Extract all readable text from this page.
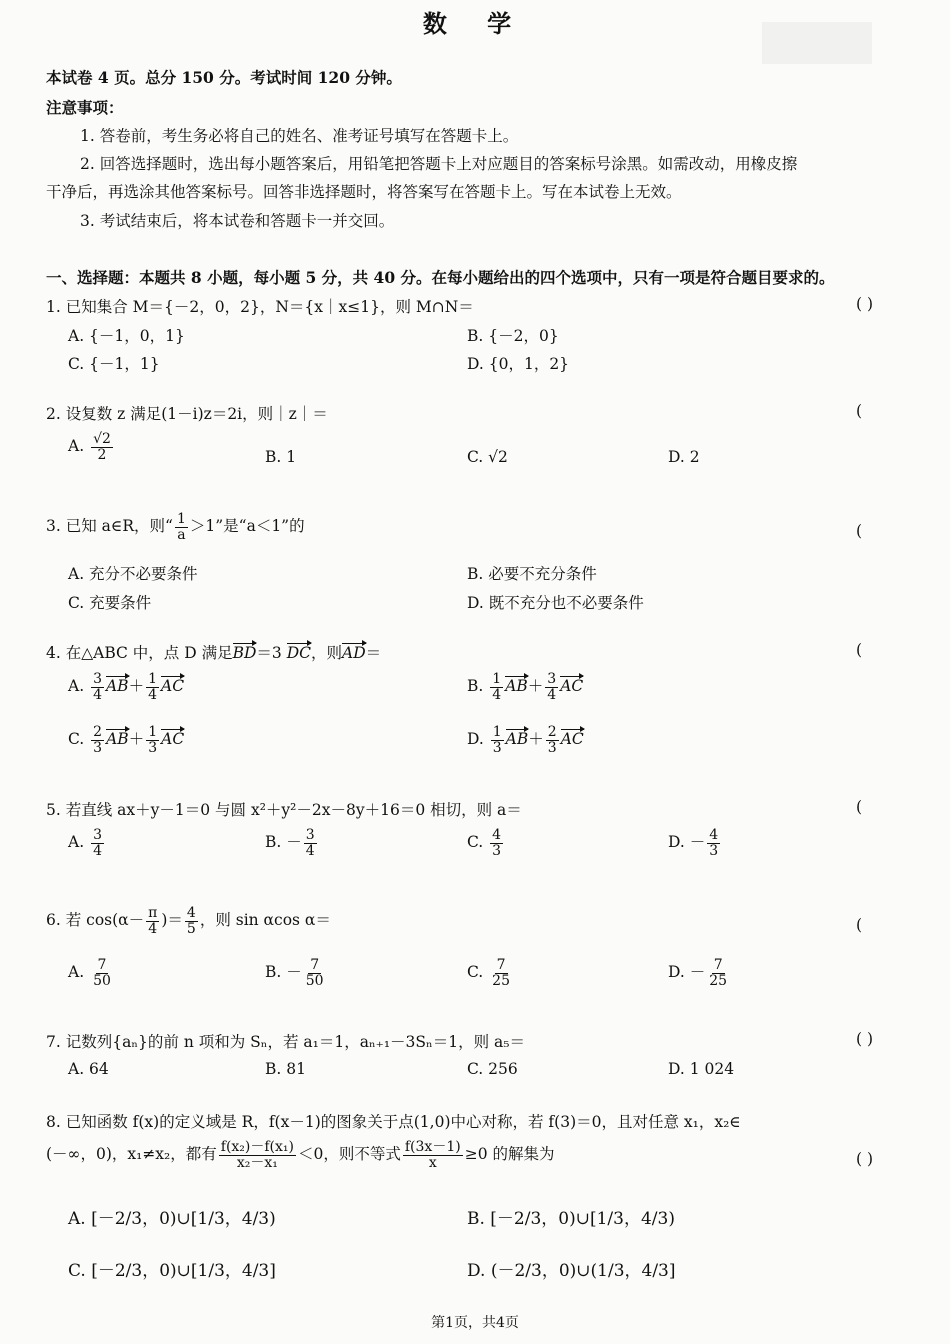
数 学
本试卷 4 页。总分 150 分。考试时间 120 分钟。
注意事项：
1. 答卷前，考生务必将自己的姓名、准考证号填写在答题卡上。
2. 回答选择题时，选出每小题答案后，用铅笔把答题卡上对应题目的答案标号涂黑。如需改动，用橡皮擦
干净后，再选涂其他答案标号。回答非选择题时，将答案写在答题卡上。写在本试卷上无效。
3. 考试结束后，将本试卷和答题卡一并交回。
一、选择题：本题共 8 小题，每小题 5 分，共 40 分。在每小题给出的四个选项中，只有一项是符合题目要求的。
1. 已知集合 M＝{－2，0，2}，N＝{x｜x≤1}，则 M∩N＝	( )
A. {－1，0，1}	B. {－2，0}
C. {－1，1}	D. {0，1，2}
2. 设复数 z 满足(1－i)z＝2i，则｜z｜＝	(
A. $\frac{√2}{2}$	B. 1	C. √2	D. 2
3. 已知 a∈R，则“ $\frac{1}{a} >1$”是“a＜1”的	(
A. 充分不必要条件	B. 必要不充分条件
C. 充要条件	D. 既不充分也不必要条件
4. 在△ABC 中，点 D 满足BD＝3 DC，则AD＝	(
A. $\frac{3}{4} AB+ \frac{1}{4}$ AC	B. $\frac{1}{4} AB+ \frac{3}{4}$ AC
C. $\frac{2}{3} AB+ \frac{1}{3}$ AC	D. $\frac{1}{3} AB+ \frac{2}{3}$ AC
5. 若直线 ax＋y－1＝0 与圆 x²＋y²－2x－8y＋16＝0 相切，则 a＝	(
A. $\frac{3}{4}$	B. － $\frac{3}{4}$	C. $\frac{4}{3}$	D. － $\frac{4}{3}$
6. 若 $\cos(\alpha- \frac{\pi}{4}$ )＝ $\frac{4}{5}$ ，则 sin αcos α＝	(
A. $\frac{7}{50}$	B. － $\frac{7}{50}$	C. $\frac{7}{25}$	D. － $\frac{7}{25}$
7. 记数列{aₙ}的前 n 项和为 Sₙ，若 a₁＝1，aₙ₊₁－3Sₙ＝1，则 a₅＝	( )
A. 64	B. 81	C. 256	D. 1 024
8. 已知函数 f(x)的定义域是 R，f(x－1)的图象关于点(1,0)中心对称，若 f(3)＝0，且对任意 x₁，x₂∈
(－∞，0)，x₁≠x₂，都有 $\frac{\text{f(x₂)－f(x₁)}}{\text{x₂－x₁}} <0$，则不等式 $\frac{f(3x-1)}{x} \ge 0$ 的解集为	( )
A. [－2/3，0)∪[1/3，4/3)	B. [－2/3，0)∪[1/3，4/3)
C. [－2/3，0)∪[1/3，4/3]	D. (－2/3，0)∪(1/3，4/3]
第1页，共4页
